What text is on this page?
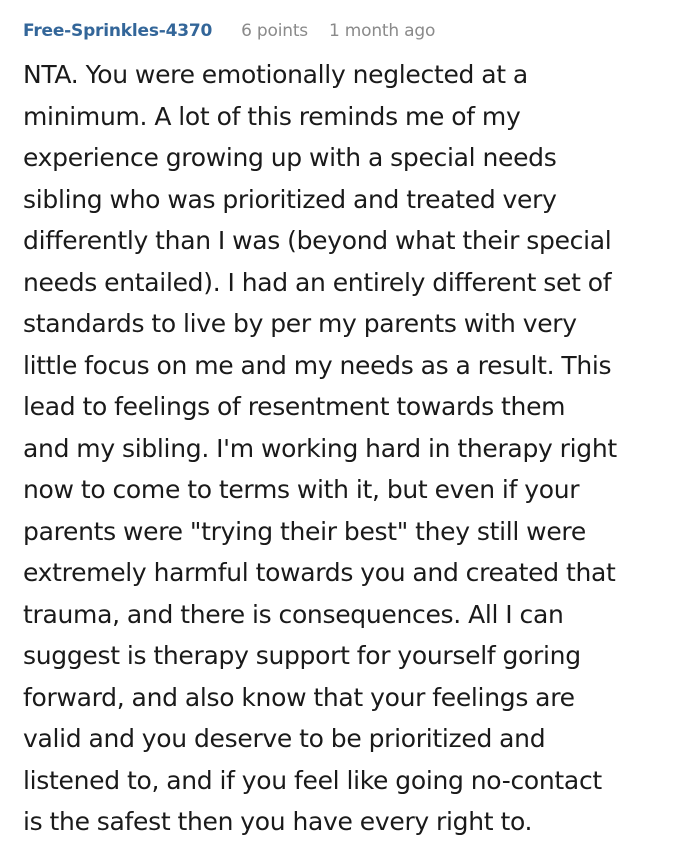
Free-Sprinkles-4370 6 points 1 month ago
NTA. You were emotionally neglected at a
minimum. A lot of this reminds me of my
experience growing up with a special needs
sibling who was prioritized and treated very
differently than I was (beyond what their special
needs entailed). I had an entirely different set of
standards to live by per my parents with very
little focus on me and my needs as a result. This
lead to feelings of resentment towards them
and my sibling. I'm working hard in therapy right
now to come to terms with it, but even if your
parents were "trying their best" they still were
extremely harmful towards you and created that
trauma, and there is consequences. All I can
suggest is therapy support for yourself goring
forward, and also know that your feelings are
valid and you deserve to be prioritized and
listened to, and if you feel like going no-contact
is the safest then you have every right to.
